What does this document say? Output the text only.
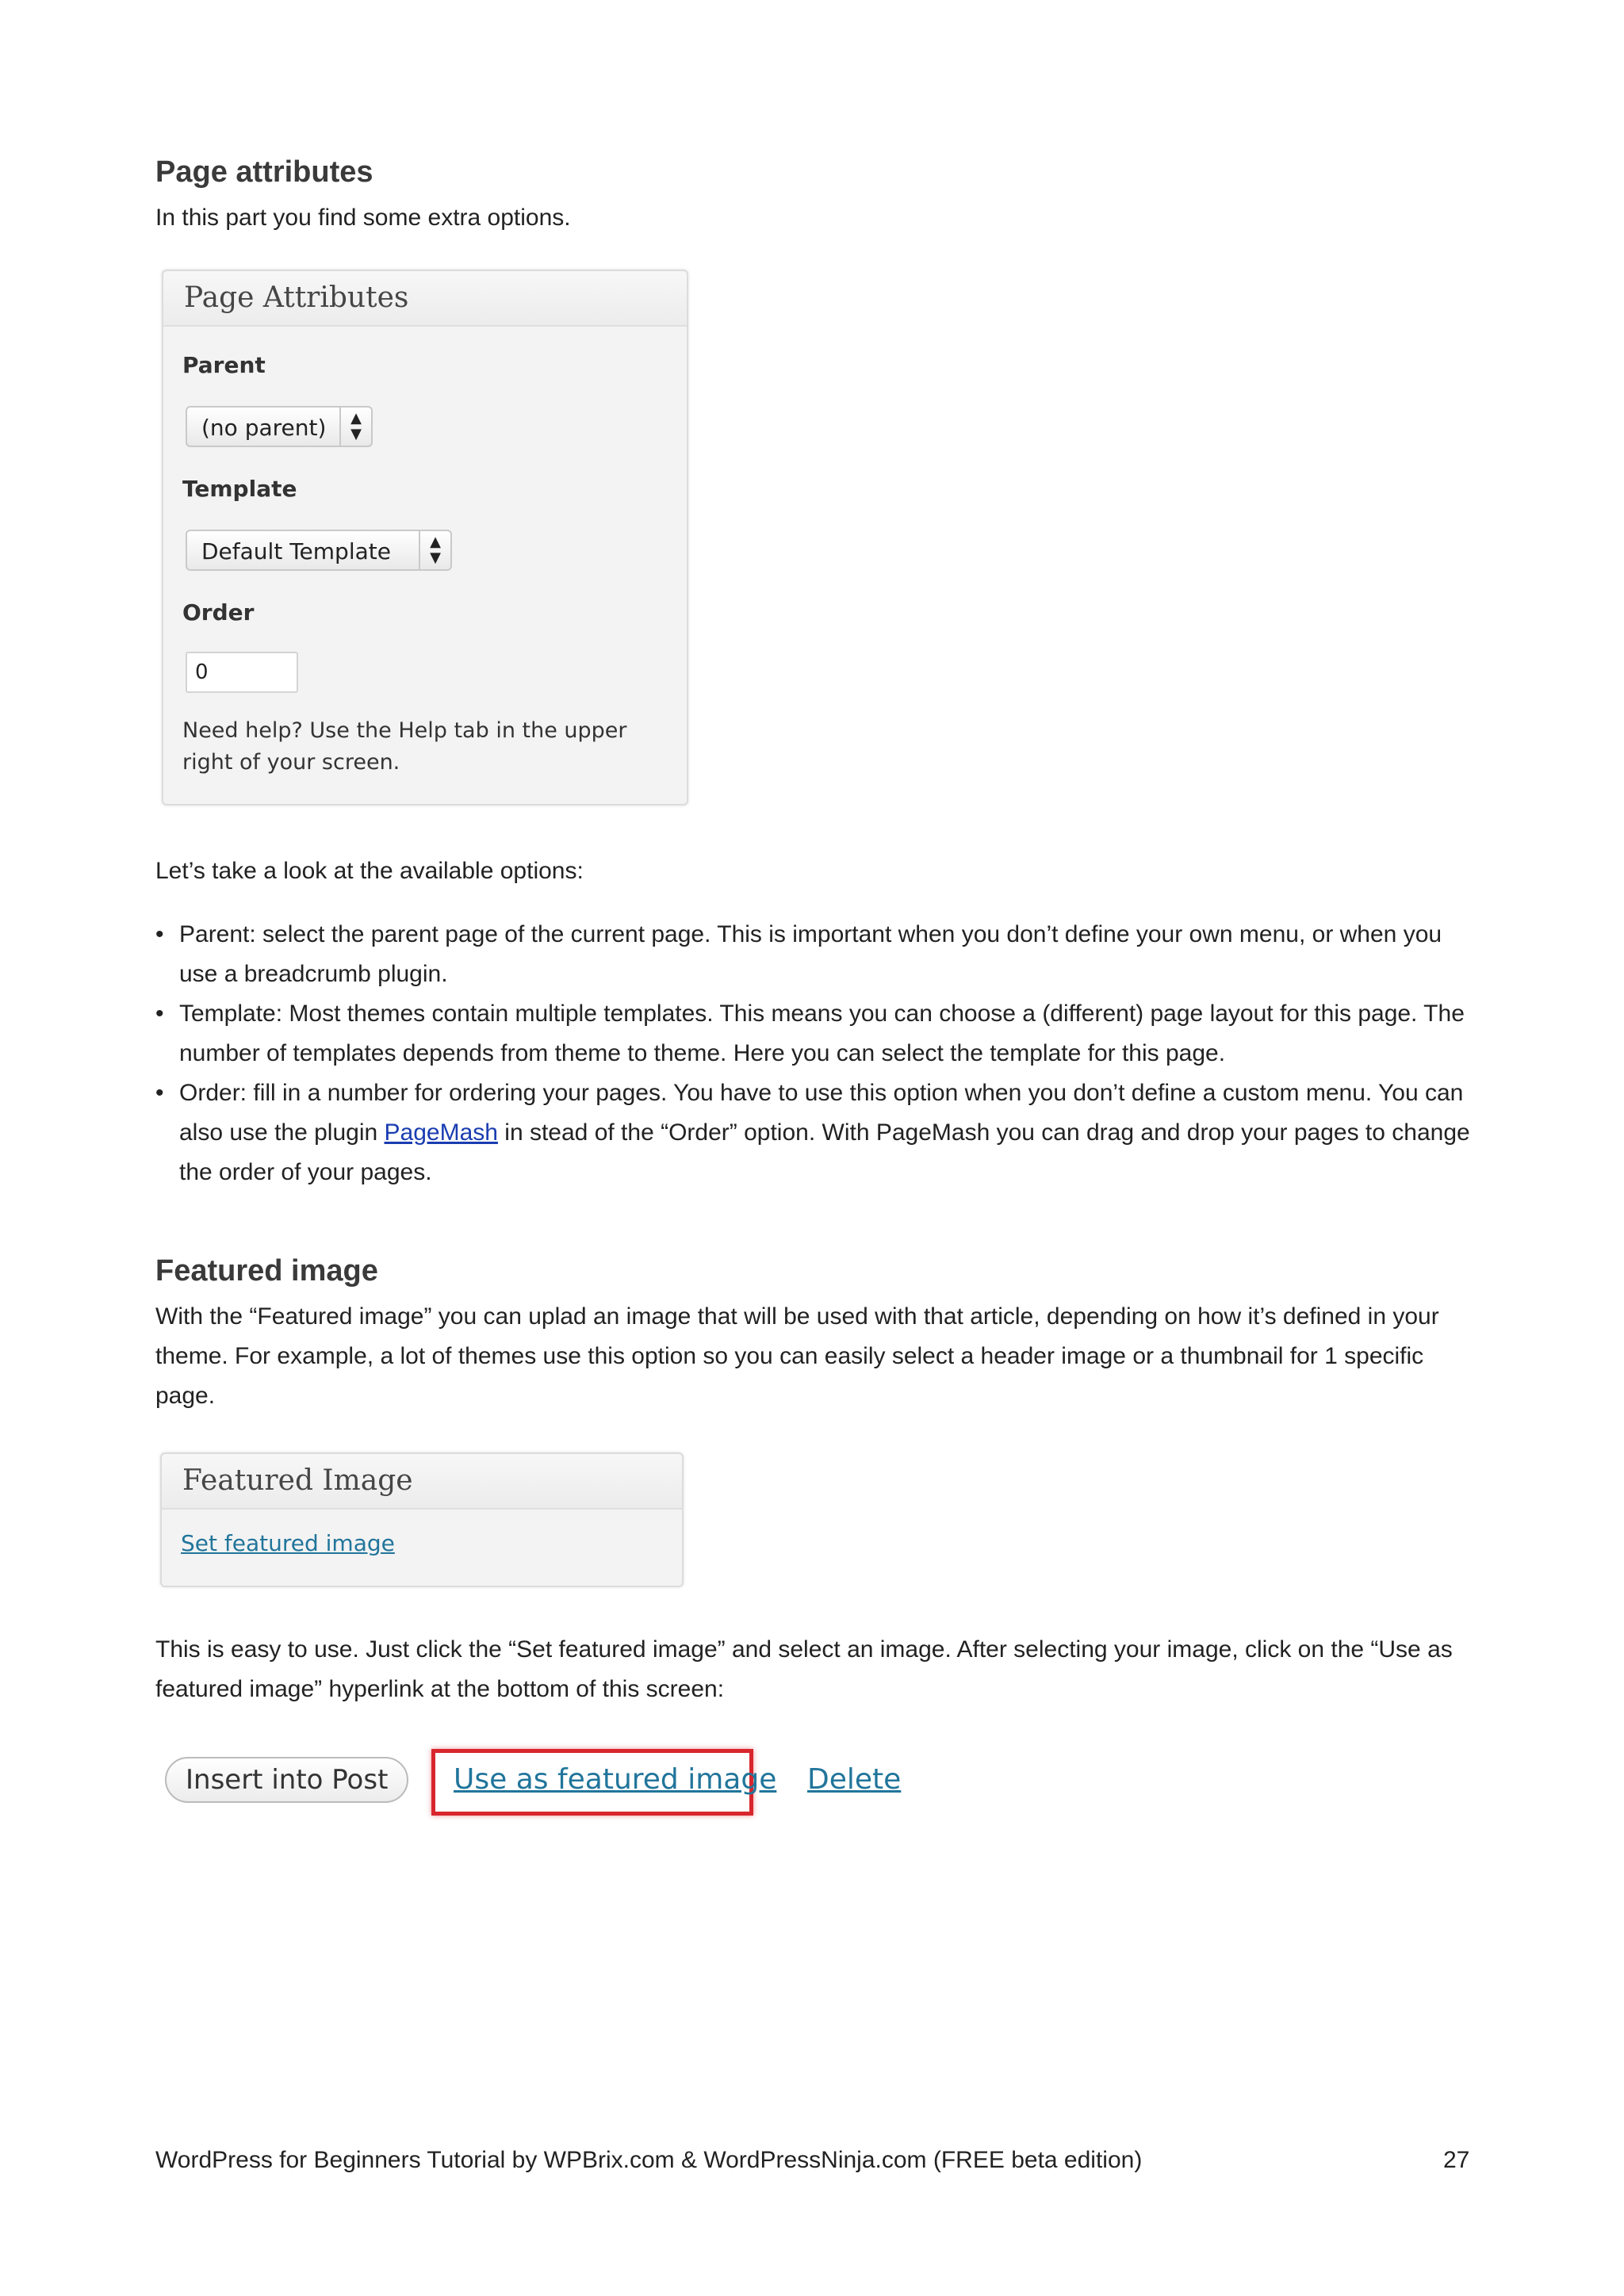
Page attributes

In this part you find some extra options.

Page Attributes
Parent
(no parent)	▲
▼
Template
Default Template	▲
▼
Order
0
Need help? Use the Help tab in the upper right of your screen.

Let’s take a look at the available options:

• Parent: select the parent page of the current page. This is important when you don’t define your own menu, or when you use a breadcrumb plugin.
• Template: Most themes contain multiple templates. This means you can choose a (different) page layout for this page. The number of templates depends from theme to theme. Here you can select the template for this page.
• Order: fill in a number for ordering your pages. You have to use this option when you don’t define a custom menu. You can also use the plugin PageMash in stead of the “Order” option. With PageMash you can drag and drop your pages to change the order of your pages.
Featured image

With the “Featured image” you can uplad an image that will be used with that article, depending on how it’s defined in your theme. For example, a lot of themes use this option so you can easily select a header image or a thumbnail for 1 specific page.

Featured Image
Set featured image

This is easy to use. Just click the “Set featured image” and select an image. After selecting your image, click on the “Use as featured image” hyperlink at the bottom of this screen:

Insert into Post	Use as featured image Delete
WordPress for Beginners Tutorial by WPBrix.com & WordPressNinja.com (FREE beta edition)	27
